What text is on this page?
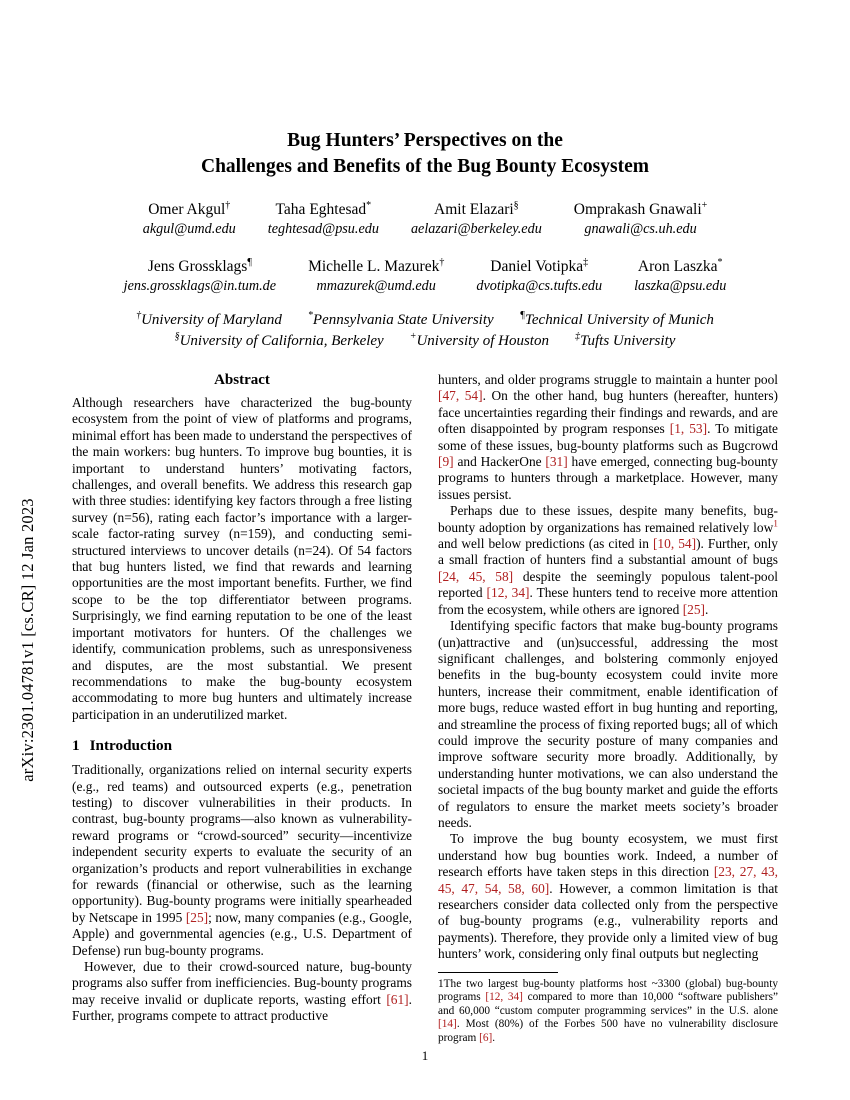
arXiv:2301.04781v1 [cs.CR] 12 Jan 2023
Bug Hunters’ Perspectives on the
Challenges and Benefits of the Bug Bounty Ecosystem
Omer Akgul†
akgul@umd.edu
Taha Eghtesad*
teghtesad@psu.edu
Amit Elazari§
aelazari@berkeley.edu
Omprakash Gnawali+
gnawali@cs.uh.edu
Jens Grossklags¶
jens.grossklags@in.tum.de
Michelle L. Mazurek†
mmazurek@umd.edu
Daniel Votipka‡
dvotipka@cs.tufts.edu
Aron Laszka*
laszka@psu.edu
†University of Maryland	*Pennsylvania State University	¶Technical University of Munich
§University of California, Berkeley	+University of Houston	‡Tufts University
Abstract

Although researchers have characterized the bug-bounty ecosystem from the point of view of platforms and programs, minimal effort has been made to understand the perspectives of the main workers: bug hunters. To improve bug bounties, it is important to understand hunters’ motivating factors, challenges, and overall benefits. We address this research gap with three studies: identifying key factors through a free listing survey (n=56), rating each factor’s importance with a larger-scale factor-rating survey (n=159), and conducting semi-structured interviews to uncover details (n=24). Of 54 factors that bug hunters listed, we find that rewards and learning opportunities are the most important benefits. Further, we find scope to be the top differentiator between programs. Surprisingly, we find earning reputation to be one of the least important motivators for hunters. Of the challenges we identify, communication problems, such as unresponsiveness and disputes, are the most substantial. We present recommendations to make the bug-bounty ecosystem accommodating to more bug hunters and ultimately increase participation in an underutilized market.

1 Introduction

Traditionally, organizations relied on internal security experts (e.g., red teams) and outsourced experts (e.g., penetration testing) to discover vulnerabilities in their products. In contrast, bug-bounty programs—also known as vulnerability-reward programs or “crowd-sourced” security—incentivize independent security experts to evaluate the security of an organization’s products and report vulnerabilities in exchange for rewards (financial or otherwise, such as the learning opportunity). Bug-bounty programs were initially spearheaded by Netscape in 1995 [25]; now, many companies (e.g., Google, Apple) and governmental agencies (e.g., U.S. Department of Defense) run bug-bounty programs.

However, due to their crowd-sourced nature, bug-bounty programs also suffer from inefficiencies. Bug-bounty programs may receive invalid or duplicate reports, wasting effort [61]. Further, programs compete to attract productive

hunters, and older programs struggle to maintain a hunter pool [47, 54]. On the other hand, bug hunters (hereafter, hunters) face uncertainties regarding their findings and rewards, and are often disappointed by program responses [1, 53]. To mitigate some of these issues, bug-bounty platforms such as Bugcrowd [9] and HackerOne [31] have emerged, connecting bug-bounty programs to hunters through a marketplace. However, many issues persist.

Perhaps due to these issues, despite many benefits, bug-bounty adoption by organizations has remained relatively low$^1$ and well below predictions (as cited in [10, 54]). Further, only a small fraction of hunters find a substantial amount of bugs [24, 45, 58] despite the seemingly populous talent-pool reported [12, 34]. These hunters tend to receive more attention from the ecosystem, while others are ignored [25].

Identifying specific factors that make bug-bounty programs (un)attractive and (un)successful, addressing the most significant challenges, and bolstering commonly enjoyed benefits in the bug-bounty ecosystem could invite more hunters, increase their commitment, enable identification of more bugs, reduce wasted effort in bug hunting and reporting, and streamline the process of fixing reported bugs; all of which could improve the security posture of many companies and improve software security more broadly. Additionally, by understanding hunter motivations, we can also understand the societal impacts of the bug bounty market and guide the efforts of regulators to ensure the market meets society’s broader needs.

To improve the bug bounty ecosystem, we must first understand how bug bounties work. Indeed, a number of research efforts have taken steps in this direction [23, 27, 43, 45, 47, 54, 58, 60]. However, a common limitation is that researchers consider data collected only from the perspective of bug-bounty programs (e.g., vulnerability reports and payments). Therefore, they provide only a limited view of bug hunters’ work, considering only final outputs but neglecting

1The two largest bug-bounty platforms host ~3300 (global) bug-bounty programs [12, 34] compared to more than 10,000 “software publishers” and 60,000 “custom computer programming services” in the U.S. alone [14]. Most (80%) of the Forbes 500 have no vulnerability disclosure program [6].

1
